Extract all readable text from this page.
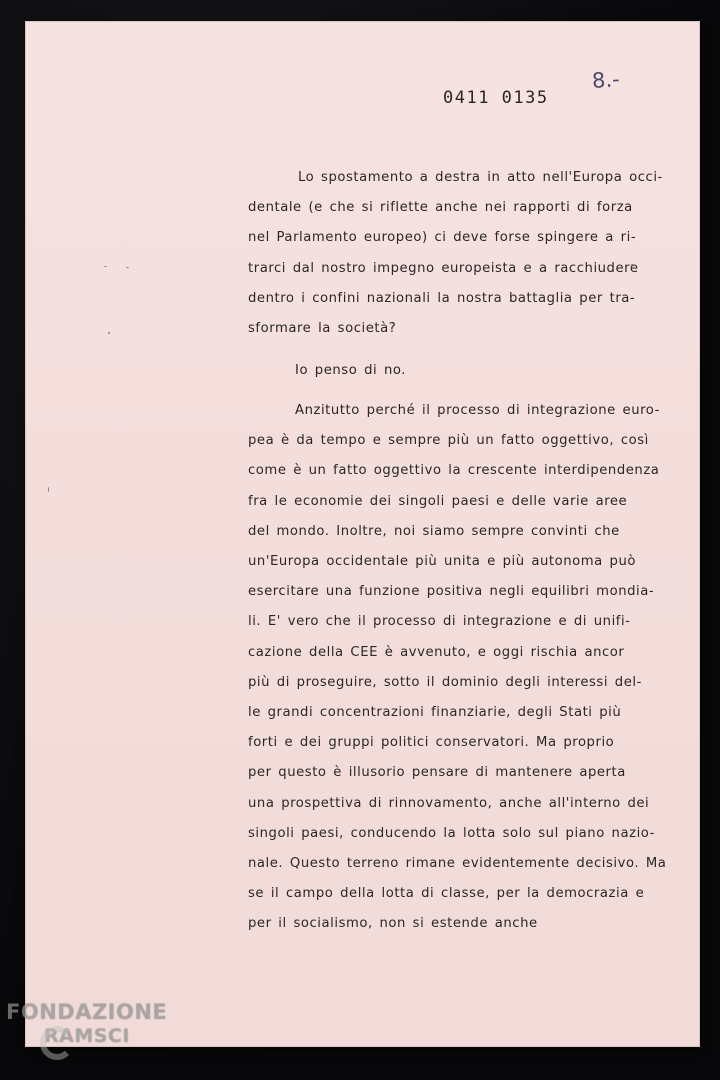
0411 0135
8.-
Lo spostamento a destra in atto nell'Europa occi-
dentale (e che si riflette anche nei rapporti di forza
nel Parlamento europeo) ci deve forse spingere a ri-
trarci dal nostro impegno europeista e a racchiudere
dentro i confini nazionali la nostra battaglia per tra-
sformare la società?
Io penso di no.
Anzitutto perché il processo di integrazione euro-
pea è da tempo e sempre più un fatto oggettivo, così
come è un fatto oggettivo la crescente interdipendenza
fra le economie dei singoli paesi e delle varie aree
del mondo. Inoltre, noi siamo sempre convinti che
un'Europa occidentale più unita e più autonoma può
esercitare una funzione positiva negli equilibri mondia-
li. E' vero che il processo di integrazione e di unifi-
cazione della CEE è avvenuto, e oggi rischia ancor
più di proseguire, sotto il dominio degli interessi del-
le grandi concentrazioni finanziarie, degli Stati più
forti e dei gruppi politici conservatori. Ma proprio
per questo è illusorio pensare di mantenere aperta
una prospettiva di rinnovamento, anche all'interno dei
singoli paesi, conducendo la lotta solo sul piano nazio-
nale. Questo terreno rimane evidentemente decisivo. Ma
se il campo della lotta di classe, per la democrazia e
per il socialismo, non si estende anche
FONDAZIONE
RAMSCI
